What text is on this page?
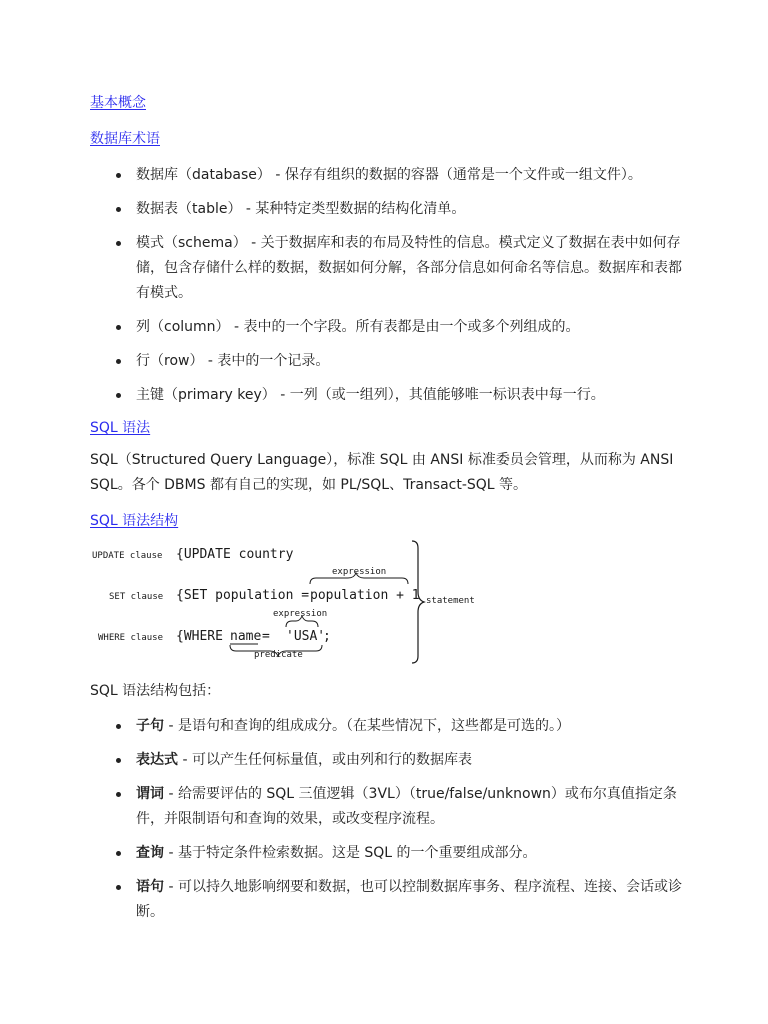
基本概念
数据库术语
数据库（database） - 保存有组织的数据的容器（通常是一个文件或一组文件）。
数据表（table） - 某种特定类型数据的结构化清单。
模式（schema） - 关于数据库和表的布局及特性的信息。模式定义了数据在表中如何存储，包含存储什么样的数据，数据如何分解，各部分信息如何命名等信息。数据库和表都有模式。
列（column） - 表中的一个字段。所有表都是由一个或多个列组成的。
行（row） - 表中的一个记录。
主键（primary key） - 一列（或一组列），其值能够唯一标识表中每一行。
SQL 语法
SQL（Structured Query Language），标准 SQL 由 ANSI 标准委员会管理，从而称为 ANSI SQL。各个 DBMS 都有自己的实现，如 PL/SQL、Transact-SQL 等。
SQL 语法结构
UPDATE clause
SET clause
WHERE clause
{UPDATE country
expression
{SET population = population + 1
expression
{WHERE name = 'USA'
;
predicate
statement
SQL 语法结构包括：
子句 - 是语句和查询的组成成分。（在某些情况下，这些都是可选的。）
表达式 - 可以产生任何标量值，或由列和行的数据库表
谓词 - 给需要评估的 SQL 三值逻辑（3VL）（true/false/unknown）或布尔真值指定条件，并限制语句和查询的效果，或改变程序流程。
查询 - 基于特定条件检索数据。这是 SQL 的一个重要组成部分。
语句 - 可以持久地影响纲要和数据，也可以控制数据库事务、程序流程、连接、会话或诊断。
